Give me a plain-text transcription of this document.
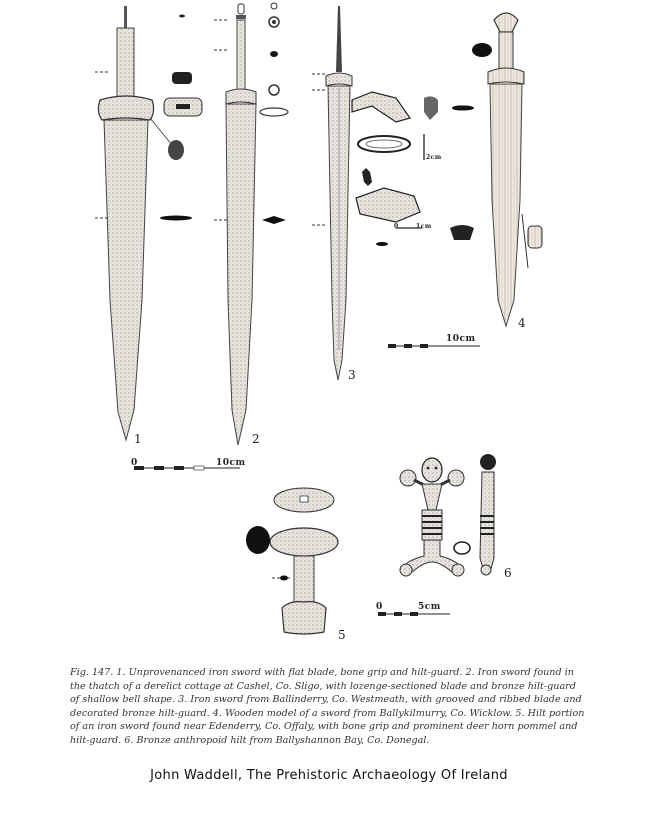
1	2
3
4
5
6
0	10cm
10cm
0	5cm
2cm
1cm
0

Fig. 147. 1. Unprovenanced iron sword with flat blade, bone grip and hilt-guard. 2. Iron sword found in the thatch of a derelict cottage at Cashel, Co. Sligo, with lozenge-sectioned blade and bronze hilt-guard of shallow bell shape. 3. Iron sword from Ballinderry, Co. Westmeath, with grooved and ribbed blade and decorated bronze hilt-guard. 4. Wooden model of a sword from Ballykilmurry, Co. Wicklow. 5. Hilt portion of an iron sword found near Edenderry, Co. Offaly, with bone grip and prominent deer horn pommel and hilt-guard. 6. Bronze anthropoid hilt from Ballyshannon Bay, Co. Donegal.

John Waddell, The Prehistoric Archaeology Of Ireland
